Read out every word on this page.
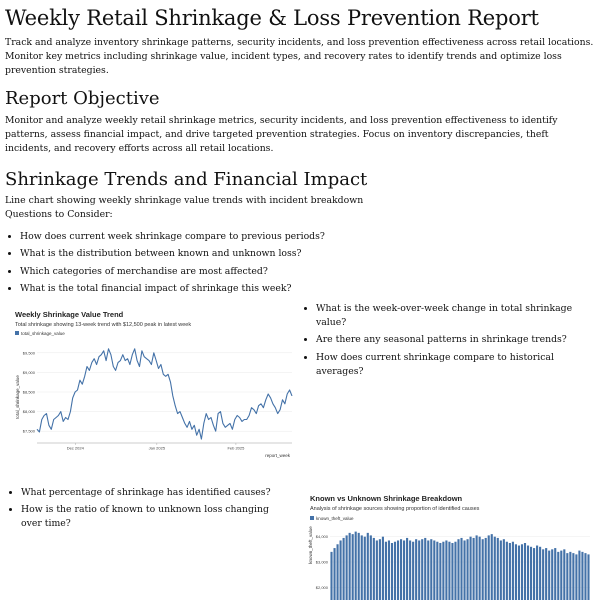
Weekly Retail Shrinkage & Loss Prevention Report

Track and analyze inventory shrinkage patterns, security incidents, and loss prevention effectiveness across retail locations. Monitor key metrics including shrinkage value, incident types, and recovery rates to identify trends and optimize loss prevention strategies.

Report Objective

Monitor and analyze weekly retail shrinkage metrics, security incidents, and loss prevention effectiveness to identify patterns, assess financial impact, and drive targeted prevention strategies. Focus on inventory discrepancies, theft incidents, and recovery efforts across all retail locations.

Shrinkage Trends and Financial Impact

Line chart showing weekly shrinkage value trends with incident breakdown

Questions to Consider:

• How does current week shrinkage compare to previous periods?
• What is the distribution between known and unknown loss?
• Which categories of merchandise are most affected?
• What is the total financial impact of shrinkage this week?
Weekly Shrinkage Value Trend
Total shrinkage showing 13-week trend with $12,500 peak in latest week
total_shrinkage_value
total_shrinkage_value
report_week
$7,500
$8,000
$8,500
$9,000
$9,500
Dec 2024	Jan 2025	Feb 2025
• What is the week-over-week change in total shrinkage value?
• Are there any seasonal patterns in shrinkage trends?
• How does current shrinkage compare to historical averages?
• What percentage of shrinkage has identified causes?
• How is the ratio of known to unknown loss changing over time?
Known vs Unknown Shrinkage Breakdown
Analysis of shrinkage sources showing proportion of identified causes
known_theft_value
known_theft_value
$2,000
$3,000
$4,000
